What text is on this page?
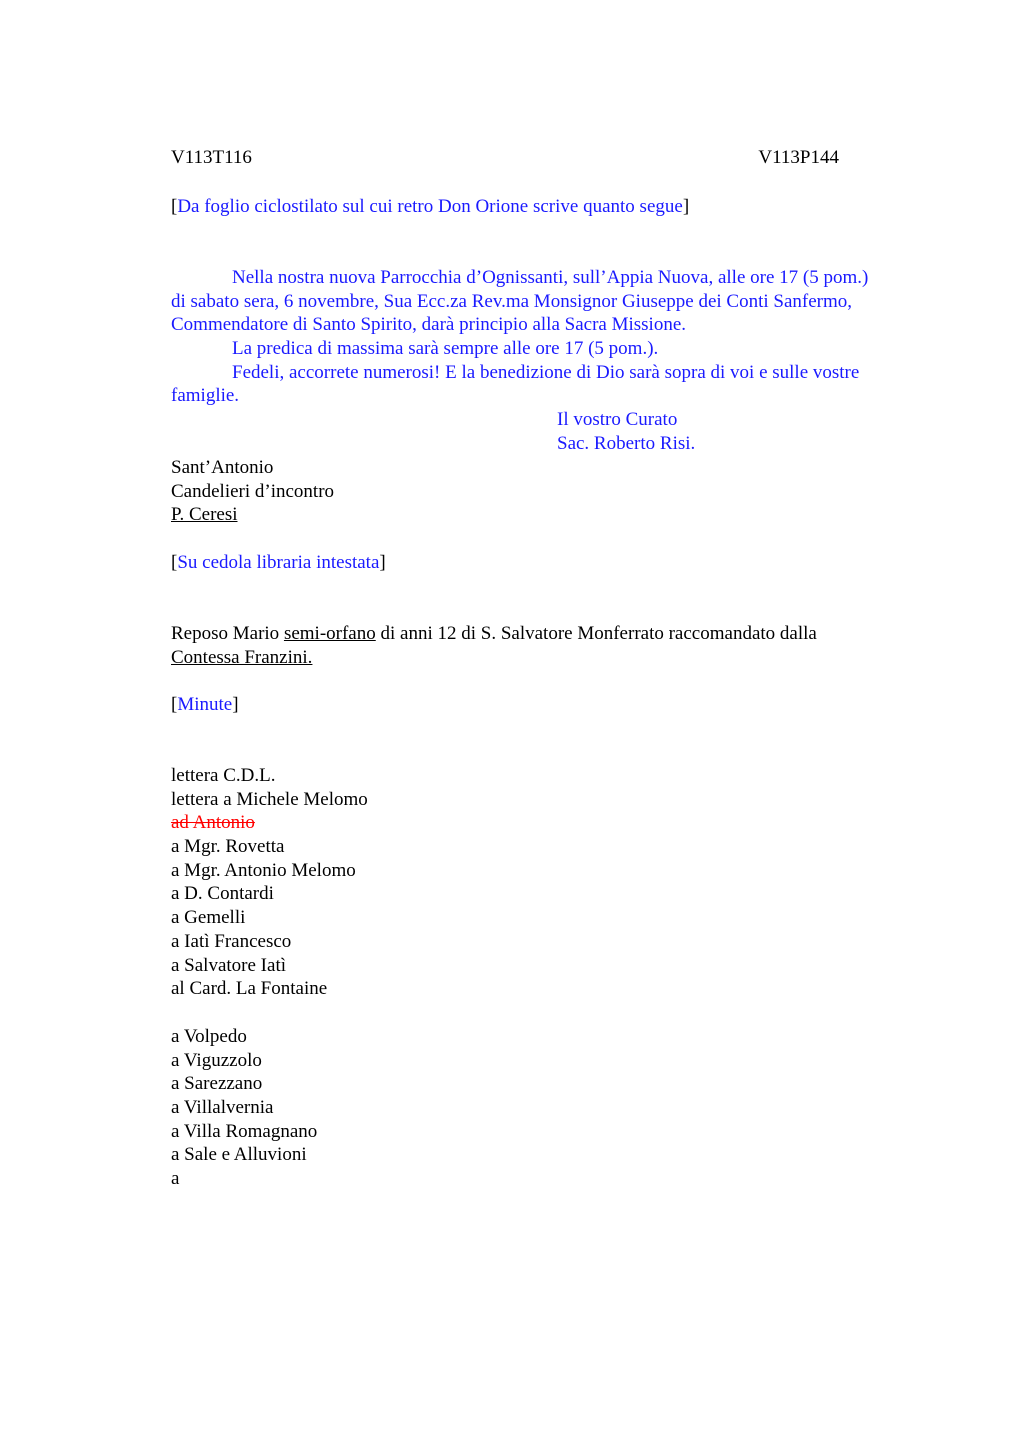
V113T116	V113P144
[Da foglio ciclostilato sul cui retro Don Orione scrive quanto segue]
Nella nostra nuova Parrocchia d’Ognissanti, sull’Appia Nuova, alle ore 17 (5 pom.)
di sabato sera, 6 novembre, Sua Ecc.za Rev.ma Monsignor Giuseppe dei Conti Sanfermo,
Commendatore di Santo Spirito, darà principio alla Sacra Missione.
La predica di massima sarà sempre alle ore 17 (5 pom.).
Fedeli, accorrete numerosi! E la benedizione di Dio sarà sopra di voi e sulle vostre
famiglie.
Il vostro Curato
Sac. Roberto Risi.
Sant’Antonio
Candelieri d’incontro
P. Ceresi
[Su cedola libraria intestata]
Reposo Mario semi-orfano di anni 12 di S. Salvatore Monferrato raccomandato dalla
Contessa Franzini.
[Minute]
lettera C.D.L.
lettera a Michele Melomo
ad Antonio
a Mgr. Rovetta
a Mgr. Antonio Melomo
a D. Contardi
a Gemelli
a Iatì Francesco
a Salvatore Iatì
al Card. La Fontaine
a Volpedo
a Viguzzolo
a Sarezzano
a Villalvernia
a Villa Romagnano
a Sale e Alluvioni
a
